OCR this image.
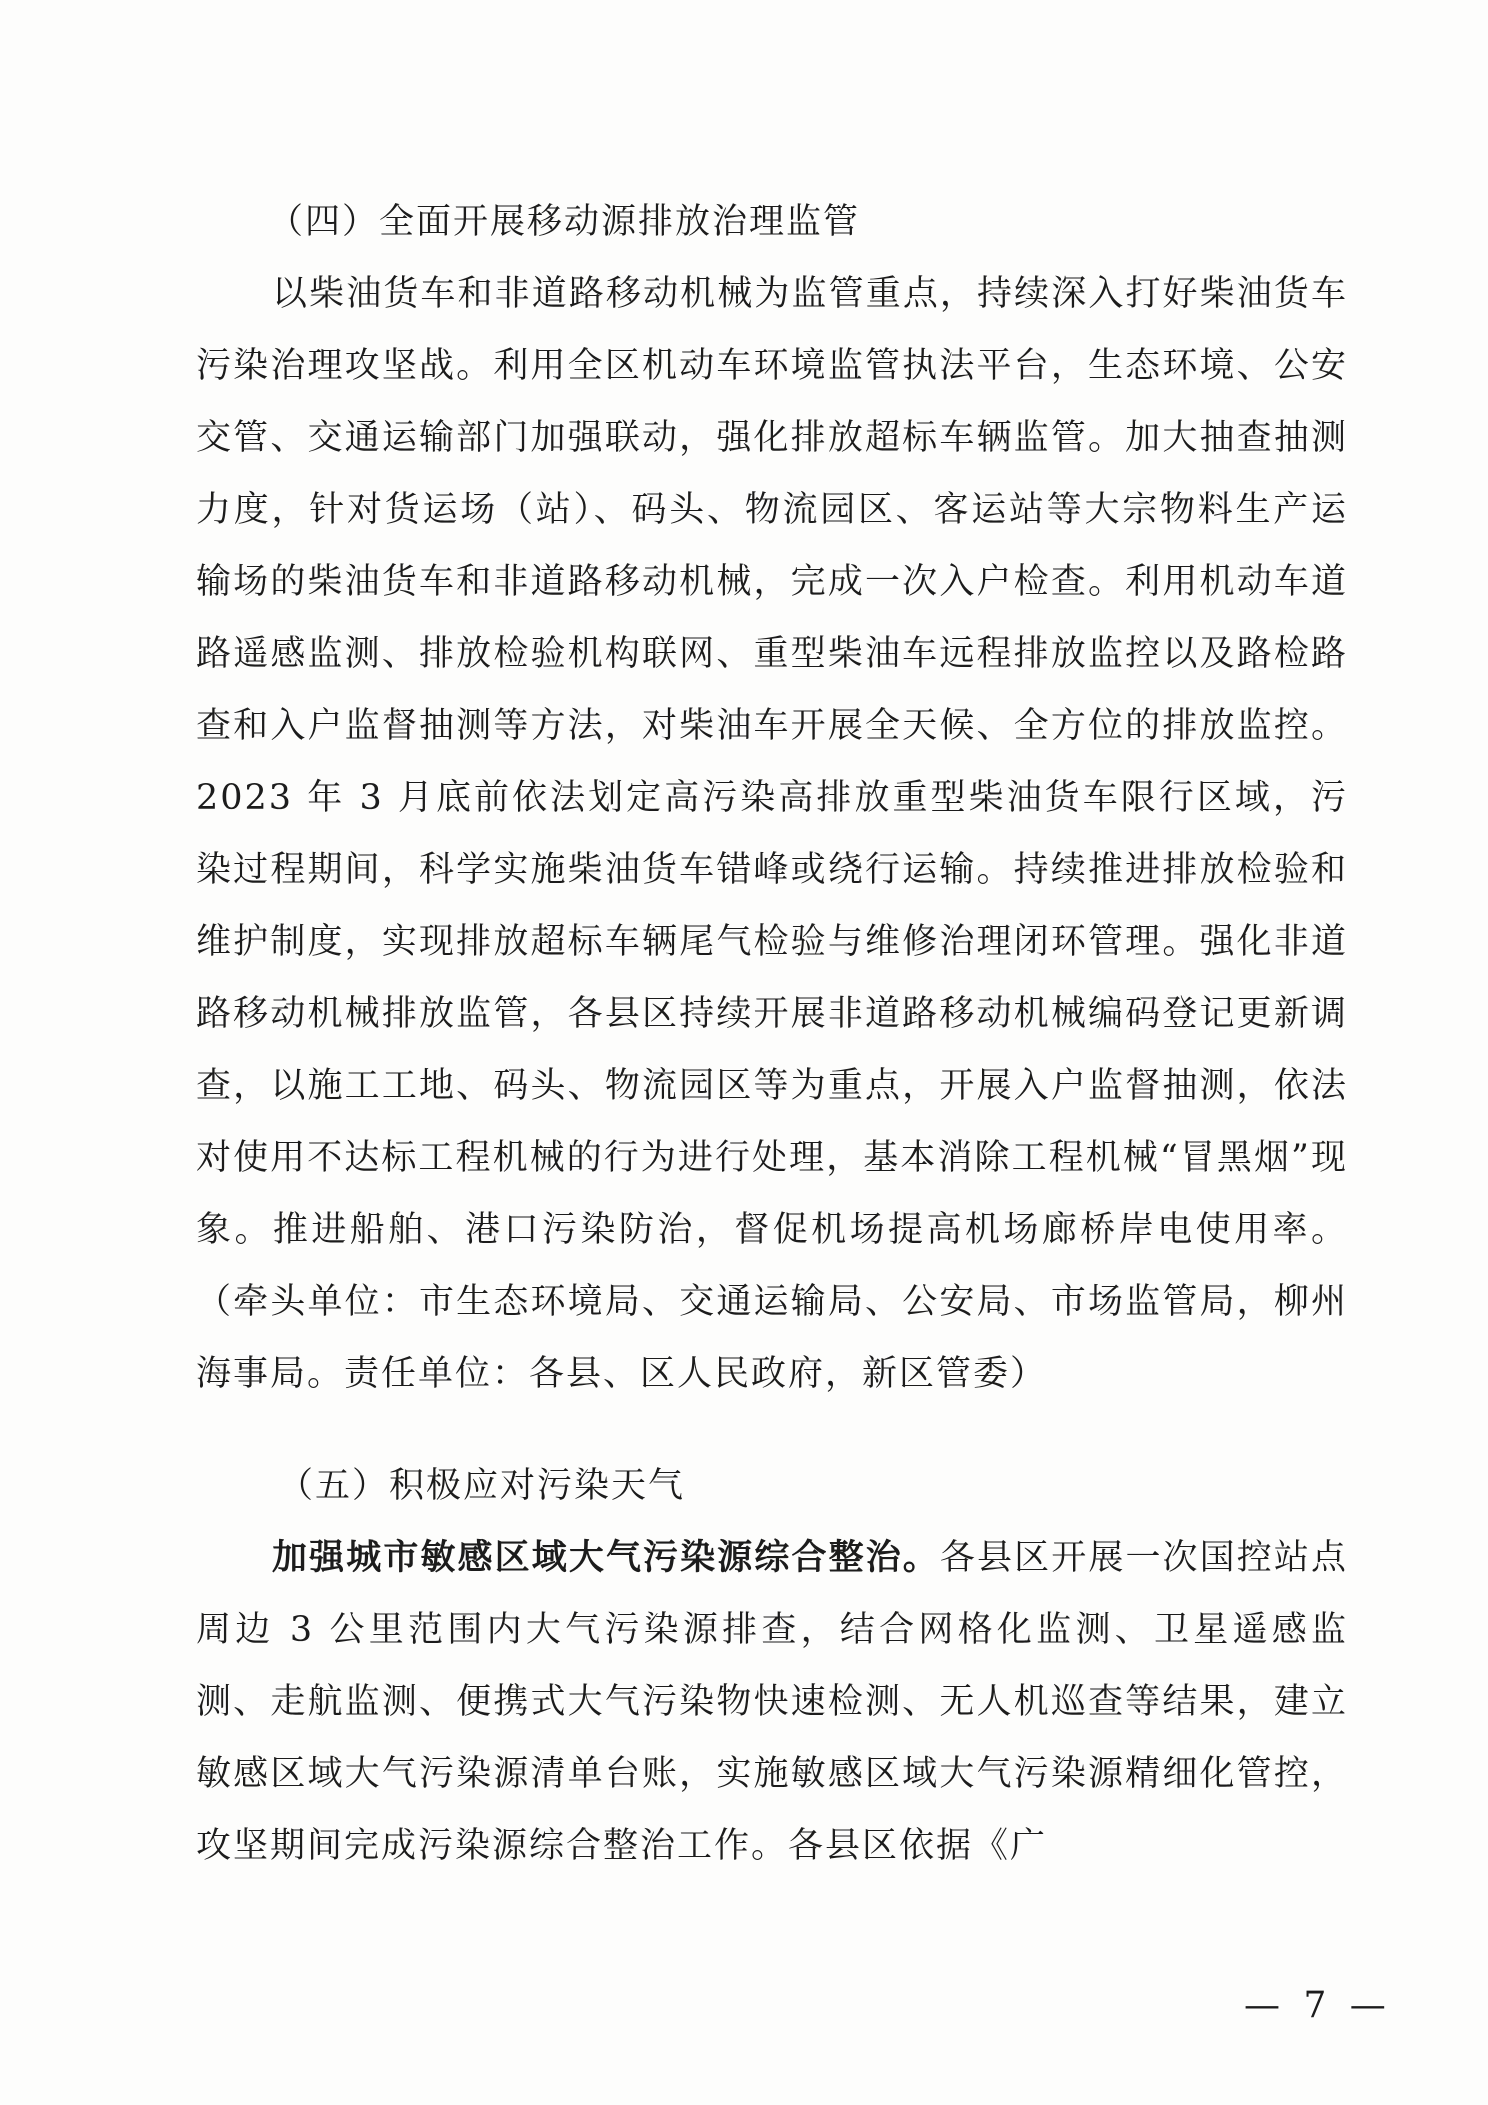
（四）全面开展移动源排放治理监管
以柴油货车和非道路移动机械为监管重点，持续深入打好柴油货车污染治理攻坚战。利用全区机动车环境监管执法平台，生态环境、公安交管、交通运输部门加强联动，强化排放超标车辆监管。加大抽查抽测力度，针对货运场（站）、码头、物流园区、客运站等大宗物料生产运输场的柴油货车和非道路移动机械，完成一次入户检查。利用机动车道路遥感监测、排放检验机构联网、重型柴油车远程排放监控以及路检路查和入户监督抽测等方法，对柴油车开展全天候、全方位的排放监控。2023 年 3 月底前依法划定高污染高排放重型柴油货车限行区域，污染过程期间，科学实施柴油货车错峰或绕行运输。持续推进排放检验和维护制度，实现排放超标车辆尾气检验与维修治理闭环管理。强化非道路移动机械排放监管，各县区持续开展非道路移动机械编码登记更新调查，以施工工地、码头、物流园区等为重点，开展入户监督抽测，依法对使用不达标工程机械的行为进行处理，基本消除工程机械“冒黑烟”现象。推进船舶、港口污染防治，督促机场提高机场廊桥岸电使用率。（牵头单位：市生态环境局、交通运输局、公安局、市场监管局，柳州海事局。责任单位：各县、区人民政府，新区管委）
（五）积极应对污染天气
加强城市敏感区域大气污染源综合整治。各县区开展一次国控站点周边 3 公里范围内大气污染源排查，结合网格化监测、卫星遥感监测、走航监测、便携式大气污染物快速检测、无人机巡查等结果，建立敏感区域大气污染源清单台账，实施敏感区域大气污染源精细化管控，攻坚期间完成污染源综合整治工作。各县区依据《广
— 7 —
